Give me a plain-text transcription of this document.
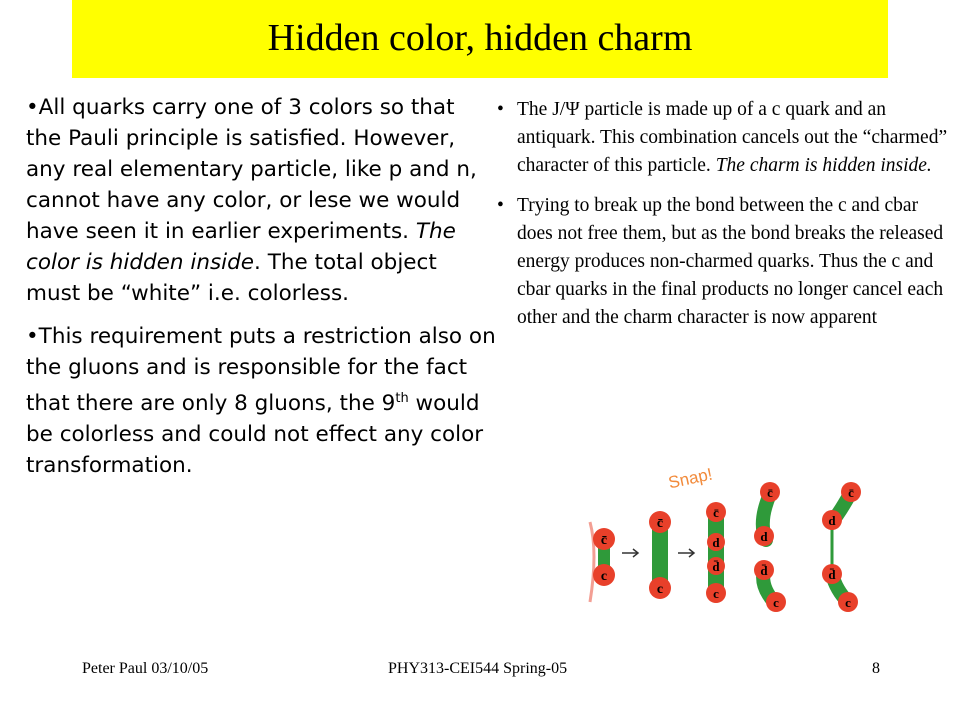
Hidden color, hidden charm

•All quarks carry one of 3 colors so that the Pauli principle is satisfied. However, any real elementary particle, like p and n, cannot have any color, or lese we would have seen it in earlier experiments. The color is hidden inside. The total object must be “white” i.e. colorless.

•This requirement puts a restriction also on the gluons and is responsible for the fact that there are only 8 gluons, the 9th would be colorless and could not effect any color transformation.

• The J/Ψ particle is made up of a c quark and an antiquark. This combination cancels out the “charmed” character of this particle. The charm is hidden inside.
• Trying to break up the bond between the c and cbar does not free them, but as the bond breaks the released energy produces non-charmed quarks. Thus the c and cbar quarks in the final products no longer cancel each other and the charm character is now apparent
Snap!
c̄
c
c̄
c
c̄
d
d̄
c
c̄
d
d̄
c
c̄
d
d̄
c
Peter Paul 03/10/05	PHY313-CEI544 Spring-05	8
